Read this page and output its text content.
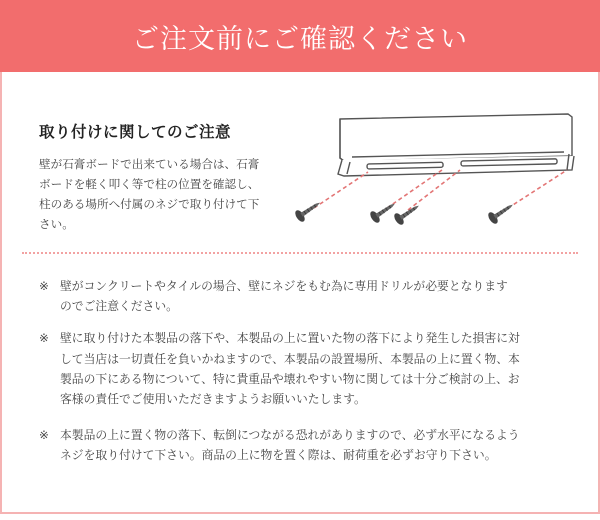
ご注文前にご確認ください
取り付けに関してのご注意
壁が石膏ボードで出来ている場合は、石膏
ボードを軽く叩く等で柱の位置を確認し、
柱のある場所へ付属のネジで取り付けて下
さい。
※ 壁がコンクリートやタイルの場合、壁にネジをもむ為に専用ドリルが必要となります
のでご注意ください。
※ 壁に取り付けた本製品の落下や、本製品の上に置いた物の落下により発生した損害に対
して当店は一切責任を負いかねますので、本製品の設置場所、本製品の上に置く物、本
製品の下にある物について、特に貴重品や壊れやすい物に関しては十分ご検討の上、お
客様の責任でご使用いただきますようお願いいたします。
※ 本製品の上に置く物の落下、転倒につながる恐れがありますので、必ず水平になるよう
ネジを取り付けて下さい。商品の上に物を置く際は、耐荷重を必ずお守り下さい。
